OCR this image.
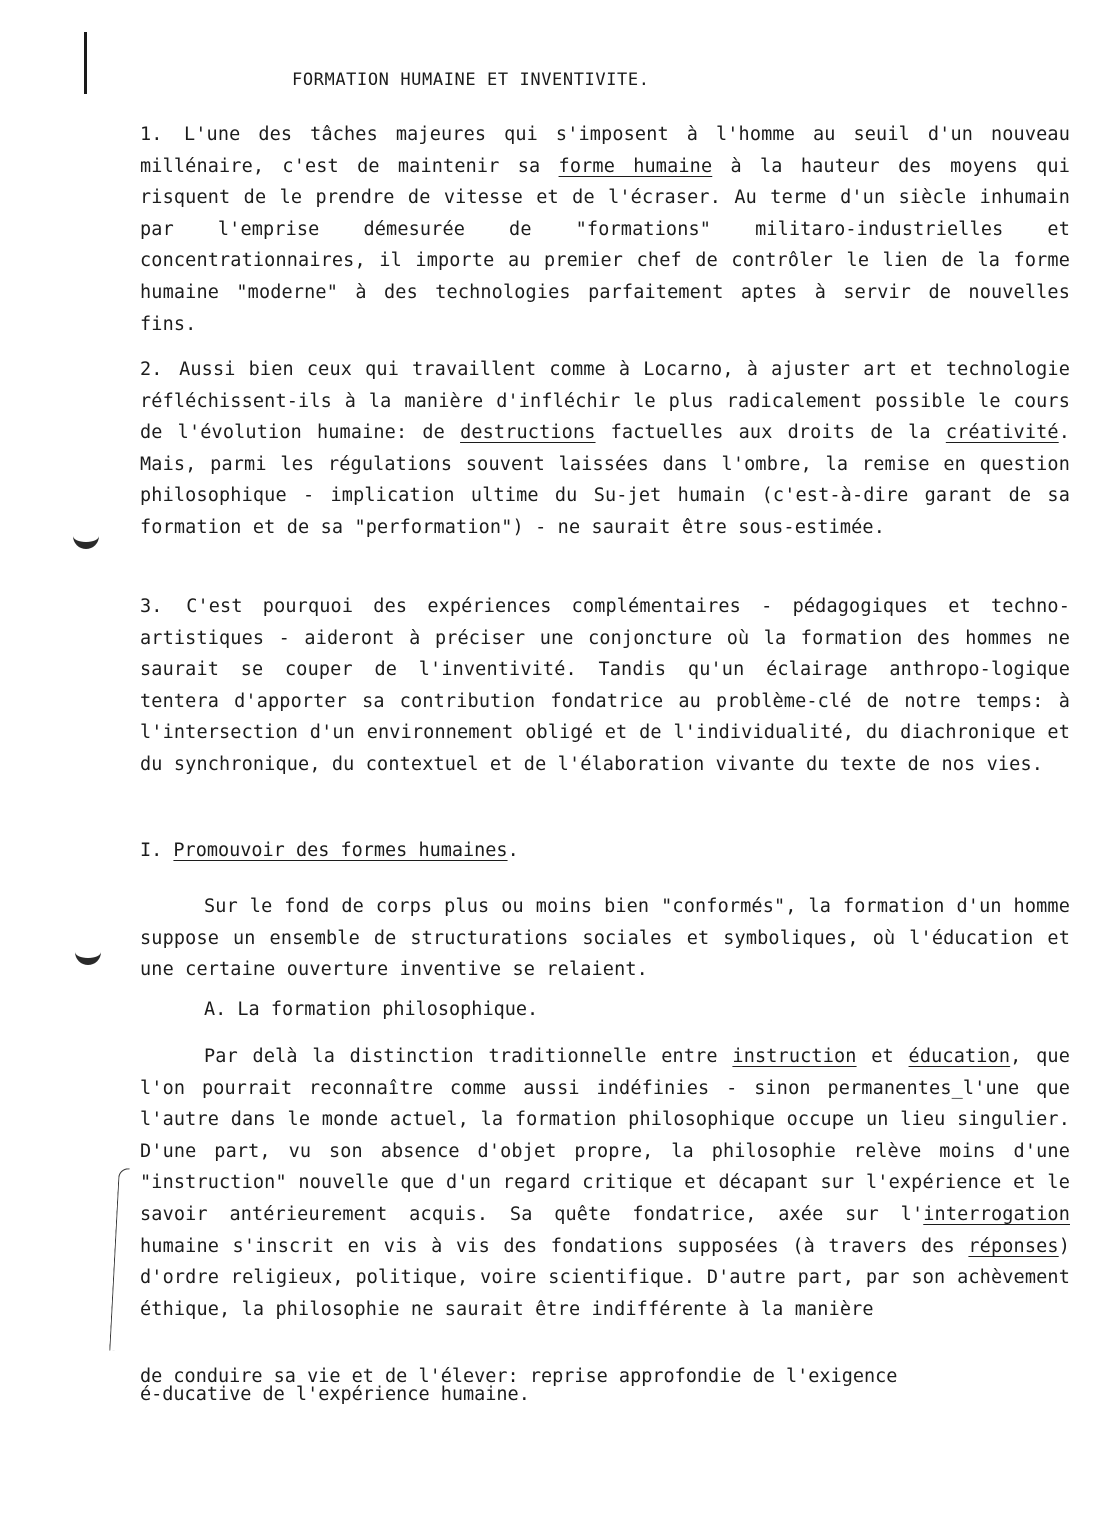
FORMATION HUMAINE ET INVENTIVITE.

1. L'une des tâches majeures qui s'imposent à l'homme au seuil d'un nouveau millénaire, c'est de maintenir sa forme humaine à la hauteur des moyens qui risquent de le prendre de vitesse et de l'écraser. Au terme d'un siècle inhumain par l'emprise démesurée de "formations" militaro-industrielles et concentrationnaires, il importe au premier chef de contrôler le lien de la forme humaine "moderne" à des technologies parfaitement aptes à servir de nouvelles fins.

2. Aussi bien ceux qui travaillent comme à Locarno, à ajuster art et technologie réfléchissent-ils à la manière d'infléchir le plus radicalement possible le cours de l'évolution humaine: de destructions factuelles aux droits de la créativité. Mais, parmi les régulations souvent laissées dans l'ombre, la remise en question philosophique - implication ultime du Su-jet humain (c'est-à-dire garant de sa formation et de sa "performation") - ne saurait être sous-estimée.

3. C'est pourquoi des expériences complémentaires - pédagogiques et techno-artistiques - aideront à préciser une conjoncture où la formation des hommes ne saurait se couper de l'inventivité. Tandis qu'un éclairage anthropo-logique tentera d'apporter sa contribution fondatrice au problème-clé de notre temps: à l'intersection d'un environnement obligé et de l'individualité, du diachronique et du synchronique, du contextuel et de l'élaboration vivante du texte de nos vies.

I. Promouvoir des formes humaines.

Sur le fond de corps plus ou moins bien "conformés", la formation d'un homme suppose un ensemble de structurations sociales et symboliques, où l'éducation et une certaine ouverture inventive se relaient.

A. La formation philosophique.

Par delà la distinction traditionnelle entre instruction et éducation, que l'on pourrait reconnaître comme aussi indéfinies - sinon permanentes_l'une que l'autre dans le monde actuel, la formation philosophique occupe un lieu singulier. D'une part, vu son absence d'objet propre, la philosophie relève moins d'une "instruction" nouvelle que d'un regard critique et décapant sur l'expérience et le savoir antérieurement acquis. Sa quête fondatrice, axée sur l'interrogation humaine s'inscrit en vis à vis des fondations supposées (à travers des réponses) d'ordre religieux, politique, voire scientifique. D'autre part, par son achèvement éthique, la philosophie ne saurait être indifférente à la manière

de conduire sa vie et de l'élever: reprise approfondie de l'exigence
é-ducative de l'expérience humaine.
